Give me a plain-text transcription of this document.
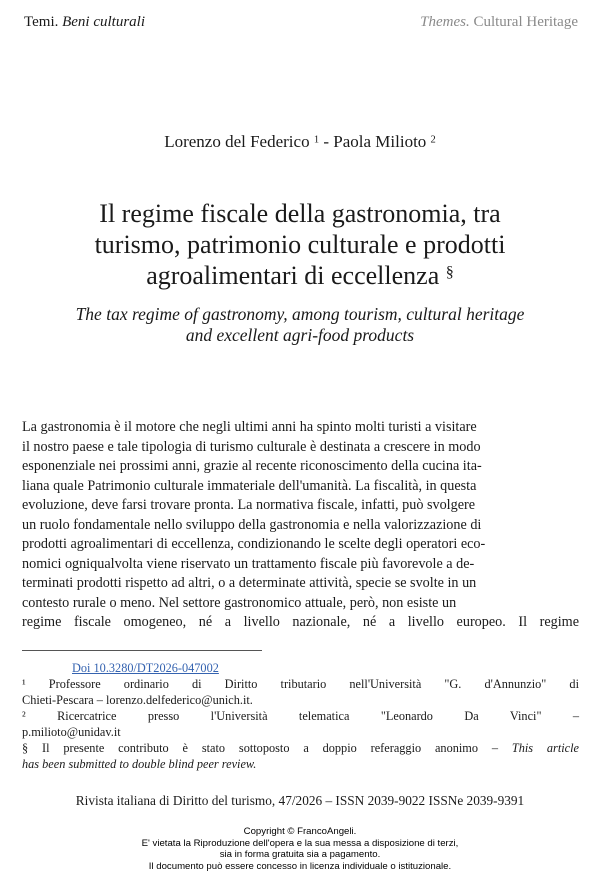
Temi. Beni culturali	Themes. Cultural Heritage
Lorenzo del Federico $^1$ - Paola Milioto $^2$
Il regime fiscale della gastronomia, tra
turismo, patrimonio culturale e prodotti
agroalimentari di eccellenza §
The tax regime of gastronomy, among tourism, cultural heritage
and excellent agri-food products
La gastronomia è il motore che negli ultimi anni ha spinto molti turisti a visitare
il nostro paese e tale tipologia di turismo culturale è destinata a crescere in modo
esponenziale nei prossimi anni, grazie al recente riconoscimento della cucina ita-
liana quale Patrimonio culturale immateriale dell'umanità. La fiscalità, in questa
evoluzione, deve farsi trovare pronta. La normativa fiscale, infatti, può svolgere
un ruolo fondamentale nello sviluppo della gastronomia e nella valorizzazione di
prodotti agroalimentari di eccellenza, condizionando le scelte degli operatori eco-
nomici ogniqualvolta viene riservato un trattamento fiscale più favorevole a de-
terminati prodotti rispetto ad altri, o a determinate attività, specie se svolte in un
contesto rurale o meno. Nel settore gastronomico attuale, però, non esiste un
regime fiscale omogeneo, né a livello nazionale, né a livello europeo. Il regime
Doi 10.3280/DT2026-047002
¹ Professore ordinario di Diritto tributario nell'Università "G. d'Annunzio" di
Chieti-Pescara – lorenzo.delfederico@unich.it.
² Ricercatrice presso l'Università telematica "Leonardo Da Vinci" –
p.milioto@unidav.it
§ Il presente contributo è stato sottoposto a doppio referaggio anonimo – This article
has been submitted to double blind peer review.
Rivista italiana di Diritto del turismo, 47/2026 – ISSN 2039-9022 ISSNe 2039-9391
Copyright © FrancoAngeli.
E' vietata la Riproduzione dell'opera e la sua messa a disposizione di terzi,
sia in forma gratuita sia a pagamento.
Il documento può essere concesso in licenza individuale o istituzionale.
